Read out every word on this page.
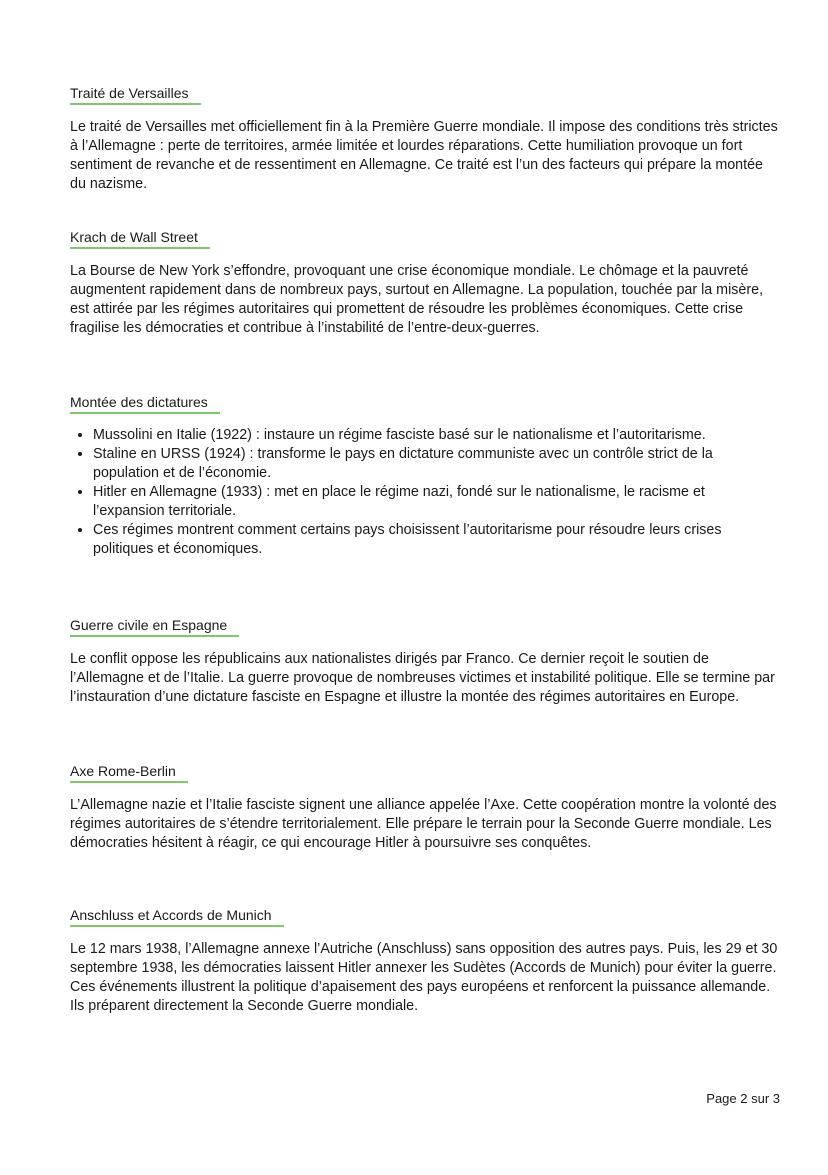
Traité de Versailles

Le traité de Versailles met officiellement fin à la Première Guerre mondiale. Il impose des conditions très strictes à l’Allemagne : perte de territoires, armée limitée et lourdes réparations. Cette humiliation provoque un fort sentiment de revanche et de ressentiment en Allemagne. Ce traité est l’un des facteurs qui prépare la montée du nazisme.

Krach de Wall Street

La Bourse de New York s’effondre, provoquant une crise économique mondiale. Le chômage et la pauvreté augmentent rapidement dans de nombreux pays, surtout en Allemagne. La population, touchée par la misère, est attirée par les régimes autoritaires qui promettent de résoudre les problèmes économiques. Cette crise fragilise les démocraties et contribue à l’instabilité de l’entre-deux-guerres.

Montée des dictatures
• Mussolini en Italie (1922) : instaure un régime fasciste basé sur le nationalisme et l’autoritarisme.
• Staline en URSS (1924) : transforme le pays en dictature communiste avec un contrôle strict de la population et de l’économie.
• Hitler en Allemagne (1933) : met en place le régime nazi, fondé sur le nationalisme, le racisme et l’expansion territoriale.
• Ces régimes montrent comment certains pays choisissent l’autoritarisme pour résoudre leurs crises politiques et économiques.
Guerre civile en Espagne

Le conflit oppose les républicains aux nationalistes dirigés par Franco. Ce dernier reçoit le soutien de l’Allemagne et de l’Italie. La guerre provoque de nombreuses victimes et instabilité politique. Elle se termine par l’instauration d’une dictature fasciste en Espagne et illustre la montée des régimes autoritaires en Europe.

Axe Rome-Berlin

L’Allemagne nazie et l’Italie fasciste signent une alliance appelée l’Axe. Cette coopération montre la volonté des régimes autoritaires de s’étendre territorialement. Elle prépare le terrain pour la Seconde Guerre mondiale. Les démocraties hésitent à réagir, ce qui encourage Hitler à poursuivre ses conquêtes.

Anschluss et Accords de Munich

Le 12 mars 1938, l’Allemagne annexe l’Autriche (Anschluss) sans opposition des autres pays. Puis, les 29 et 30 septembre 1938, les démocraties laissent Hitler annexer les Sudètes (Accords de Munich) pour éviter la guerre. Ces événements illustrent la politique d’apaisement des pays européens et renforcent la puissance allemande. Ils préparent directement la Seconde Guerre mondiale.

Page 2 sur 3
